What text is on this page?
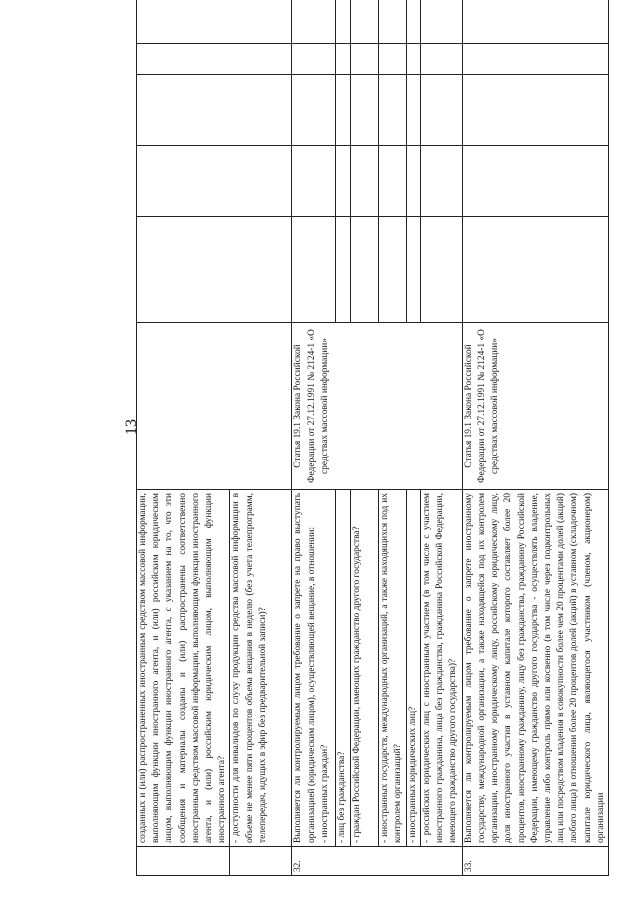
13
	созданных и (или) распространенных иностранным средством массовой информации, выполняющим функции иностранного агента, и (или) российским юридическим лицом, выполняющим функции иностранного агента, с указанием на то, что эти сообщения и материалы созданы и (или) распространены соответственно иностранным средством массовой информации, выполняющим функции иностранного агента, и (или) российским юридическим лицом, выполняющим функции иностранного агента?						
	- доступности для инвалидов по слуху продукции средства массовой информации в объеме не менее пяти процентов объема вещания в неделю (без учета телепрограмм, телепередач, идущих в эфир без предварительной записи)?						
32.	Выполняется ли контролируемым лицом требование о запрете на право выступать организацией (юридическим лицом), осуществляющей вещание, в отношении: - иностранных граждан?	Статья 19.1 Закона Российской Федерации от 27.12.1991 № 2124-1 «О средствах массовой информации»					
	- лиц без гражданства?						
	- граждан Российской Федерации, имеющих гражданство другого государства?						
	- иностранных государств, международных организаций, а также находящихся под их контролем организаций?						
	- иностранных юридических лиц?						
	- российских юридических лиц с иностранным участием (в том числе с участием иностранного гражданина, лица без гражданства, гражданина Российской Федерации, имеющего гражданство другого государства)?						
33.	Выполняется ли контролируемым лицом требование о запрете иностранному государству, международной организации, а также находящейся под их контролем организации, иностранному юридическому лицу, российскому юридическому лицу, доля иностранного участия в уставном капитале которого составляет более 20 процентов, иностранному гражданину, лицу без гражданства, гражданину Российской Федерации, имеющему гражданство другого государства - осуществлять владение, управление либо контроль прямо или косвенно (в том числе через подконтрольных лиц или посредством владения в совокупности более чем 20 процентами долей (акций) любого лица) в отношении более 20 процентов долей (акций) в уставном (складочном) капитале юридического лица, являющегося участником (членом, акционером) организации	Статья 19.1 Закона Российской Федерации от 27.12.1991 № 2124-1 «О средствах массовой информации»					
